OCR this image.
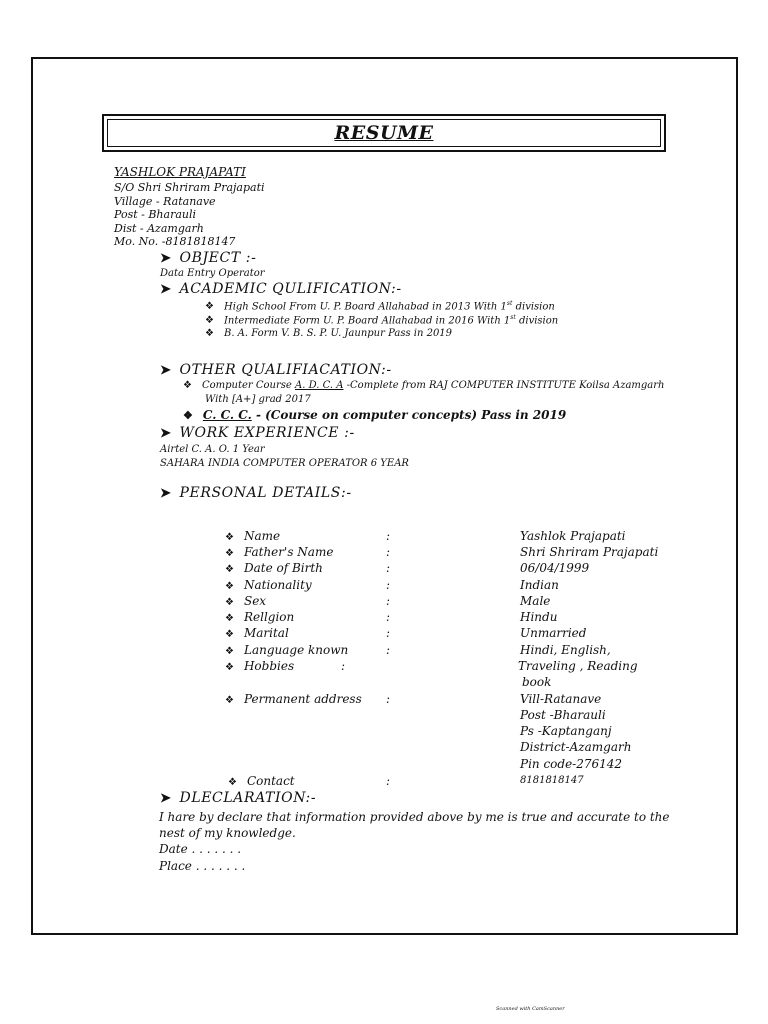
RESUME
YASHLOK PRAJAPATI
S/O Shri Shriram Prajapati
Village - Ratanave
Post - Bharauli
Dist - Azamgarh
Mo. No. -8181818147
➤ OBJECT :-
Data Entry Operator
➤ ACADEMIC QULIFICATION:-
❖ High School From U. P. Board Allahabad in 2013 With 1st division
❖ Intermediate Form U. P. Board Allahabad in 2016 With 1st division
❖ B. A. Form V. B. S. P. U. Jaunpur Pass in 2019
➤ OTHER QUALIFIACATION:-
❖ Computer Course A. D. C. A -Complete from RAJ COMPUTER INSTITUTE Koilsa Azamgarh
With [A+] grad 2017
❖ C. C. C. - (Course on computer concepts) Pass in 2019
➤ WORK EXPERIENCE :-
Airtel C. A. O. 1 Year
SAHARA INDIA COMPUTER OPERATOR 6 YEAR
➤ PERSONAL DETAILS:-
❖ Name	:	Yashlok Prajapati
❖ Father's Name	:	Shri Shriram Prajapati
❖ Date of Birth	:	06/04/1999
❖ Nationality	:	Indian
❖ Sex	:	Male
❖ Rellgion	:	Hindu
❖ Marital	:	Unmarried
❖ Language known	:	Hindi, English,
❖ Hobbies	:	Traveling , Reading
book
❖ Permanent address :	Vill-Ratanave
Post -Bharauli
Ps -Kaptanganj
District-Azamgarh
Pin code-276142
❖ Contact	:	8181818147
➤ DLECLARATION:-
I hare by declare that information provided above by me is true and accurate to the
nest of my knowledge.
Date . . . . . . .
Place . . . . . . .
Scanned with CamScanner
